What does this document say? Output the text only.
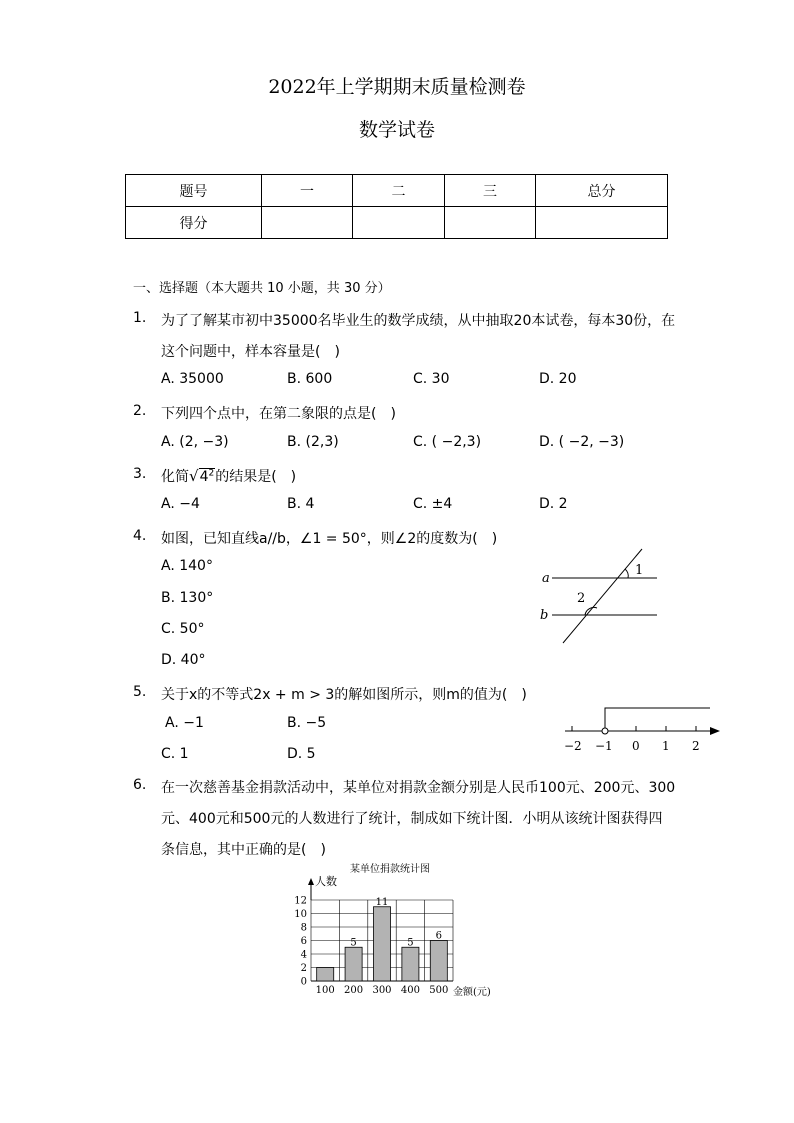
2022年上学期期末质量检测卷
数学试卷
题号	一	二	三	总分
得分				
一、选择题（本大题共 10 小题，共 30 分）
1. 为了了解某市初中35000名毕业生的数学成绩，从中抽取20本试卷，每本30份，在
这个问题中，样本容量是(　)
A. 35000	B. 600	C. 30	D. 20
2. 下列四个点中，在第二象限的点是(　)
A. (2, −3)	B. (2,3)	C. ( −2,3)	D. ( −2, −3)
3. 化简$√4^2$的结果是(　)
A. −4	B. 4	C. ±4	D. 2
4. 如图，已知直线a//b，∠1 = 50°，则∠2的度数为(　)
A. 140°
B. 130°
C. 50°
D. 40°
a
b
1
2
5. 关于x的不等式2x + m > 3的解如图所示，则m的值为(　)
A. −1	B. −5
C. 1	D. 5	−2 −1 0 1 2
6. 在一次慈善基金捐款活动中，某单位对捐款金额分别是人民币100元、200元、300
元、400元和500元的人数进行了统计，制成如下统计图．小明从该统计图获得四
条信息，其中正确的是(　)
某单位捐款统计图
人数
金额(元)
0
2
4
6
8
10
12
100
5
200
11
300
5
400
6
500
